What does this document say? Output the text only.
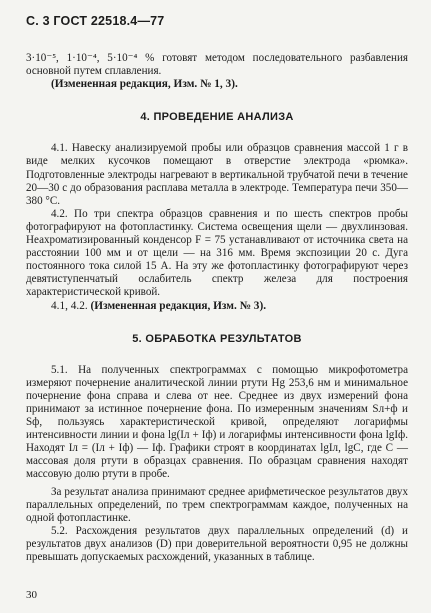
С. 3 ГОСТ 22518.4—77

3·10⁻⁵, 1·10⁻⁴, 5·10⁻⁴ % готовят методом последовательного разбавления основной путем сплавления.

(Измененная редакция, Изм. № 1, 3).

4. ПРОВЕДЕНИЕ АНАЛИЗА

4.1. Навеску анализируемой пробы или образцов сравнения массой 1 г в виде мелких кусочков помещают в отверстие электрода «рюмка». Подготовленные электроды нагревают в вертикальной трубчатой печи в течение 20—30 с до образования расплава металла в электроде. Температура печи 350—380 °С.

4.2. По три спектра образцов сравнения и по шесть спектров пробы фотографируют на фотопластинку. Система освещения щели — двухлинзовая. Неахроматизированный конденсор F = 75 устанавливают от источника света на расстоянии 100 мм и от щели — на 316 мм. Время экспозиции 20 с. Дуга постоянного тока силой 15 А. На эту же фотопластинку фотографируют через девятиступенчатый ослабитель спектр железа для построения характеристической кривой.

4.1, 4.2. (Измененная редакция, Изм. № 3).

5. ОБРАБОТКА РЕЗУЛЬТАТОВ

5.1. На полученных спектрограммах с помощью микрофотометра измеряют почернение аналитической линии ртути Hg 253,6 нм и минимальное почернение фона справа и слева от нее. Среднее из двух измерений фона принимают за истинное почернение фона. По измеренным значениям Sл+ф и Sф, пользуясь характеристической кривой, определяют логарифмы интенсивности линии и фона lg(Iл + Iф) и логарифмы интенсивности фона lgIф. Находят Iл = (Iл + Iф) — Iф. Графики строят в координатах lgIл, lgC, где С — массовая доля ртути в образцах сравнения. По образцам сравнения находят массовую долю ртути в пробе.

За результат анализа принимают среднее арифметическое результатов двух параллельных определений, по трем спектрограммам каждое, полученных на одной фотопластинке.

5.2. Расхождения результатов двух параллельных определений (d) и результатов двух анализов (D) при доверительной вероятности 0,95 не должны превышать допускаемых расхождений, указанных в таблице.

30
